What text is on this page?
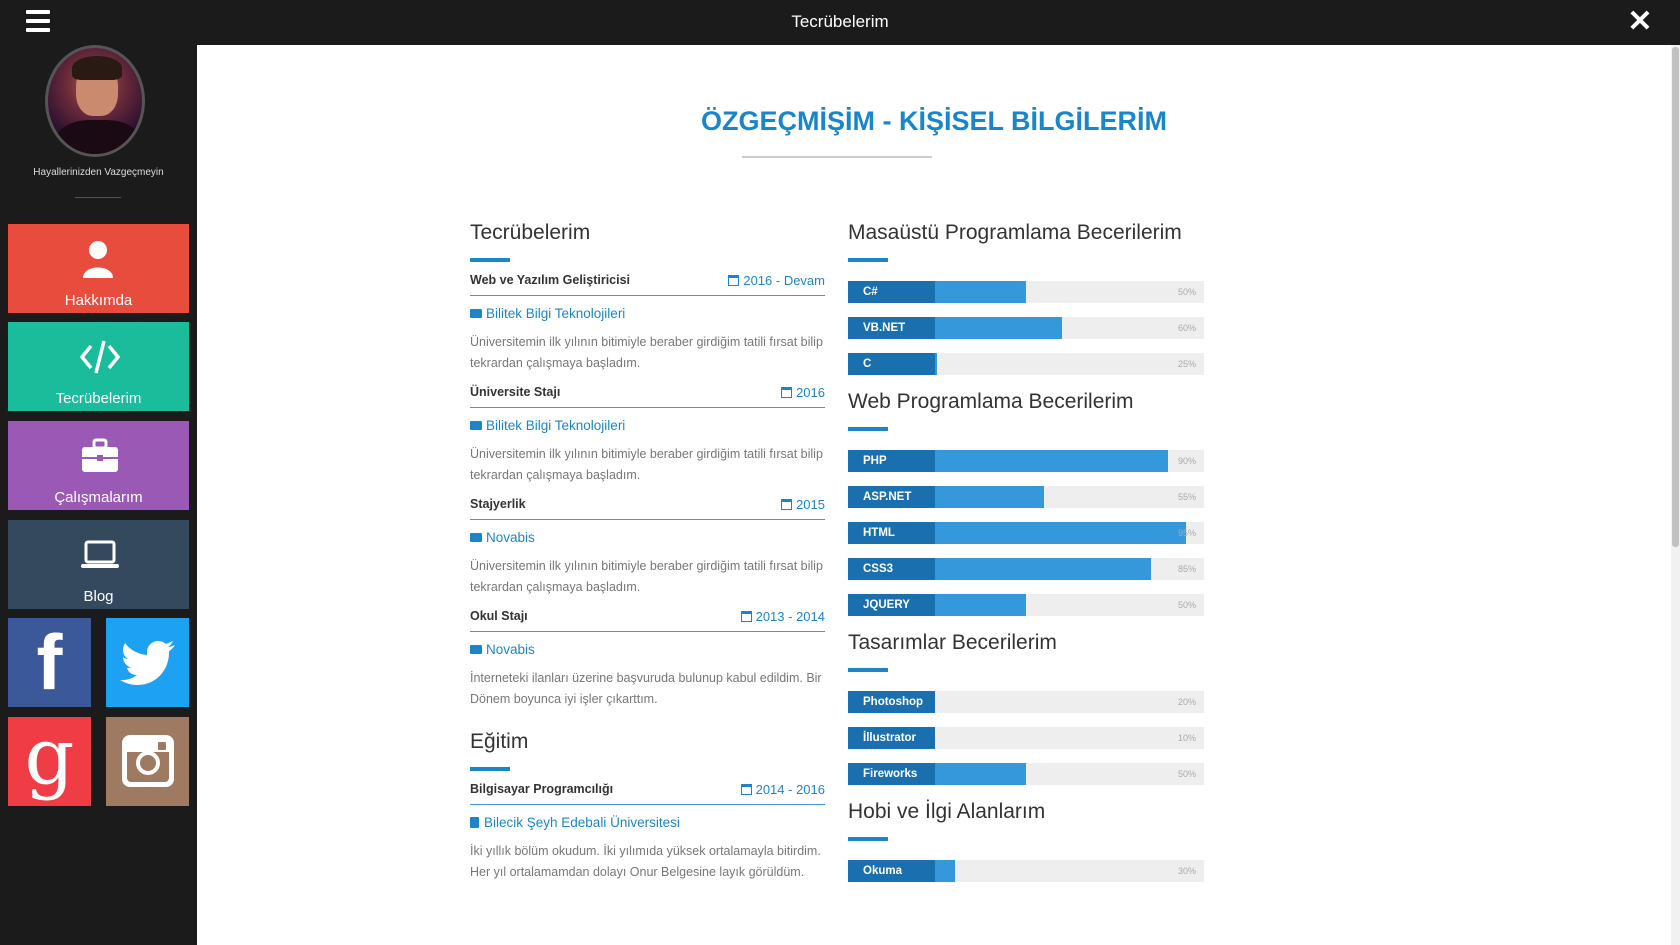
Tecrübelerim	✕
Hayallerinizden Vazgeçmeyin
Hakkımda
Tecrübelerim
Çalışmalarım
Blog
f
g
ÖZGEÇMİŞİM - KİŞİSEL BİLGİLERİM
Tecrübelerim
Web ve Yazılım Geliştiricisi	2016 - Devam
Bilitek Bilgi Teknolojileri
Üniversitemin ilk yılının bitimiyle beraber girdiğim tatili fırsat bilip tekrardan çalışmaya başladım.
Üniversite Stajı	2016
Bilitek Bilgi Teknolojileri
Üniversitemin ilk yılının bitimiyle beraber girdiğim tatili fırsat bilip tekrardan çalışmaya başladım.
Stajyerlik	2015
Novabis
Üniversitemin ilk yılının bitimiyle beraber girdiğim tatili fırsat bilip tekrardan çalışmaya başladım.
Okul Stajı	2013 - 2014
Novabis
İnterneteki ilanları üzerine başvuruda bulunup kabul edildim. Bir Dönem boyunca iyi işler çıkarttım.
Eğitim
Bilgisayar Programcılığı	2014 - 2016
Bilecik Şeyh Edebali Üniversitesi
İki yıllık bölüm okudum. İki yılımıda yüksek ortalamayla bitirdim. Her yıl ortalamamdan dolayı Onur Belgesine layık görüldüm.
Masaüstü Programlama Becerilerim
C#	50%
VB.NET	60%
C	25%
Web Programlama Becerilerim
PHP	90%
ASP.NET	55%
HTML	95%
CSS3	85%
JQUERY	50%
Tasarımlar Becerilerim
Photoshop	20%
İllustrator	10%
Fireworks	50%
Hobi ve İlgi Alanlarım
Okuma	30%
